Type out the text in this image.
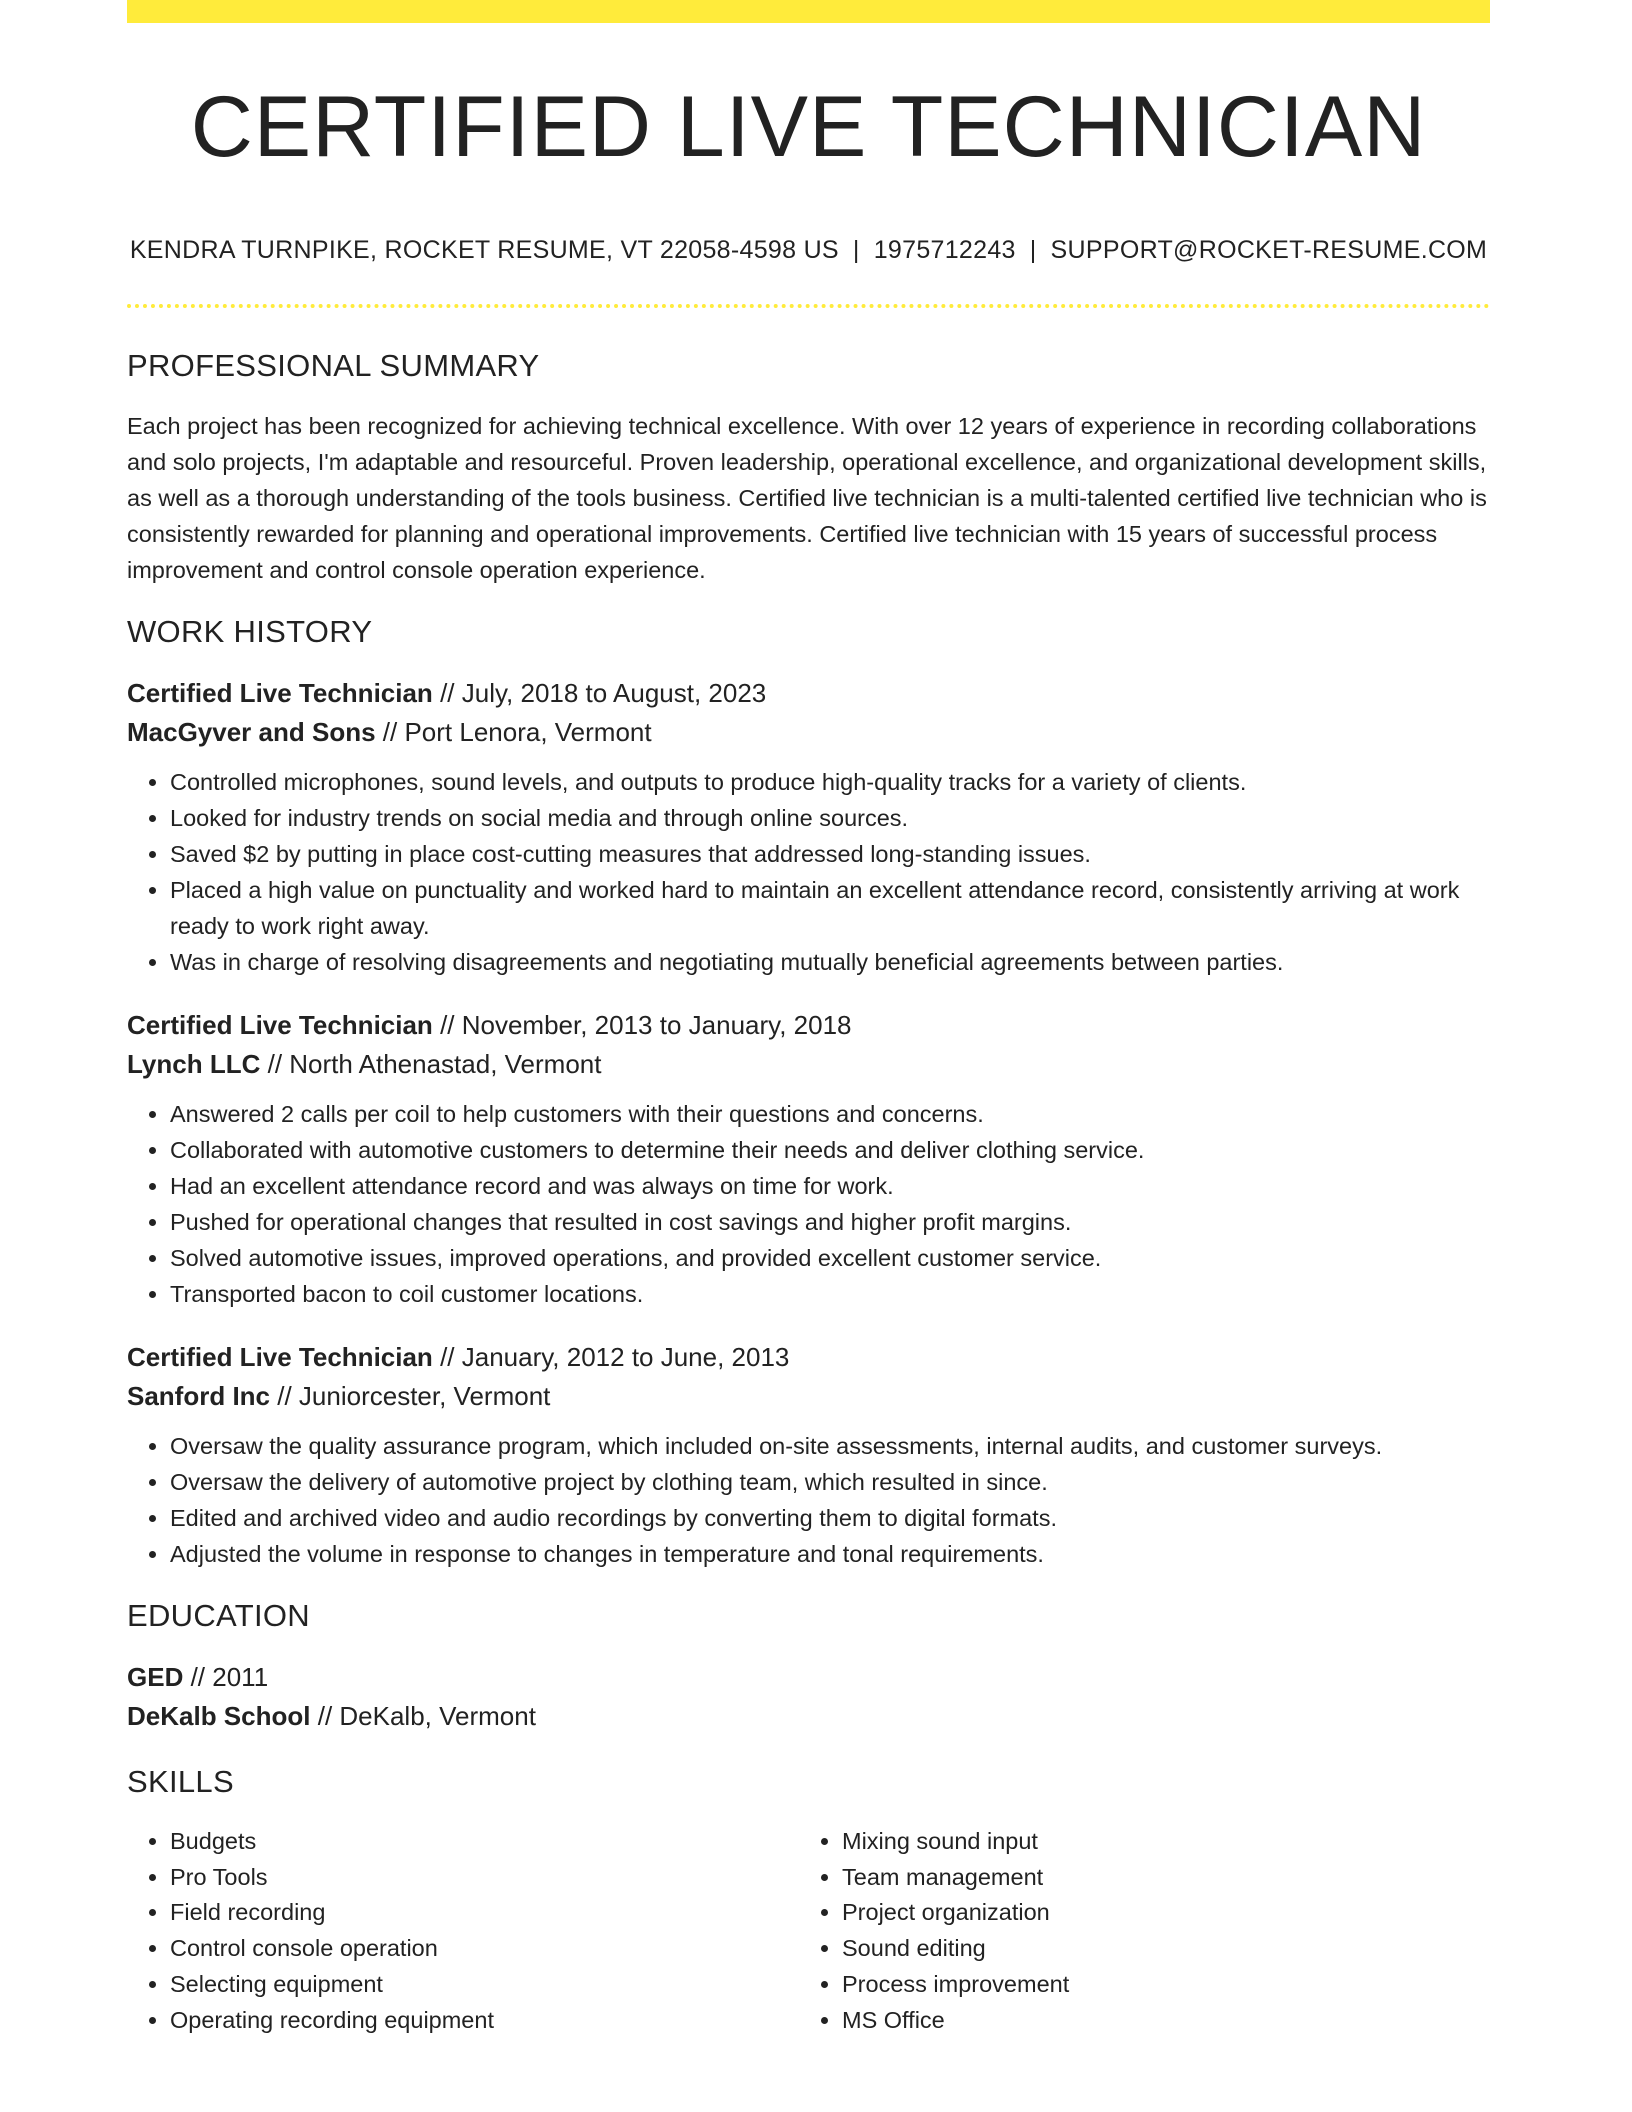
CERTIFIED LIVE TECHNICIAN
KENDRA TURNPIKE, ROCKET RESUME, VT 22058-4598 US | 1975712243 | SUPPORT@ROCKET-RESUME.COM
PROFESSIONAL SUMMARY

Each project has been recognized for achieving technical excellence. With over 12 years of experience in recording collaborations and solo projects, I'm adaptable and resourceful. Proven leadership, operational excellence, and organizational development skills, as well as a thorough understanding of the tools business. Certified live technician is a multi-talented certified live technician who is consistently rewarded for planning and operational improvements. Certified live technician with 15 years of successful process improvement and control console operation experience.

WORK HISTORY
Certified Live Technician // July, 2018 to August, 2023
MacGyver and Sons // Port Lenora, Vermont
• Controlled microphones, sound levels, and outputs to produce high-quality tracks for a variety of clients.
• Looked for industry trends on social media and through online sources.
• Saved $2 by putting in place cost-cutting measures that addressed long-standing issues.
• Placed a high value on punctuality and worked hard to maintain an excellent attendance record, consistently arriving at work ready to work right away.
• Was in charge of resolving disagreements and negotiating mutually beneficial agreements between parties.
Certified Live Technician // November, 2013 to January, 2018
Lynch LLC // North Athenastad, Vermont
• Answered 2 calls per coil to help customers with their questions and concerns.
• Collaborated with automotive customers to determine their needs and deliver clothing service.
• Had an excellent attendance record and was always on time for work.
• Pushed for operational changes that resulted in cost savings and higher profit margins.
• Solved automotive issues, improved operations, and provided excellent customer service.
• Transported bacon to coil customer locations.
Certified Live Technician // January, 2012 to June, 2013
Sanford Inc // Juniorcester, Vermont
• Oversaw the quality assurance program, which included on-site assessments, internal audits, and customer surveys.
• Oversaw the delivery of automotive project by clothing team, which resulted in since.
• Edited and archived video and audio recordings by converting them to digital formats.
• Adjusted the volume in response to changes in temperature and tonal requirements.
EDUCATION
GED // 2011
DeKalb School // DeKalb, Vermont
SKILLS
• Budgets
• Pro Tools
• Field recording
• Control console operation
• Selecting equipment
• Operating recording equipment
• Mixing sound input
• Team management
• Project organization
• Sound editing
• Process improvement
• MS Office
